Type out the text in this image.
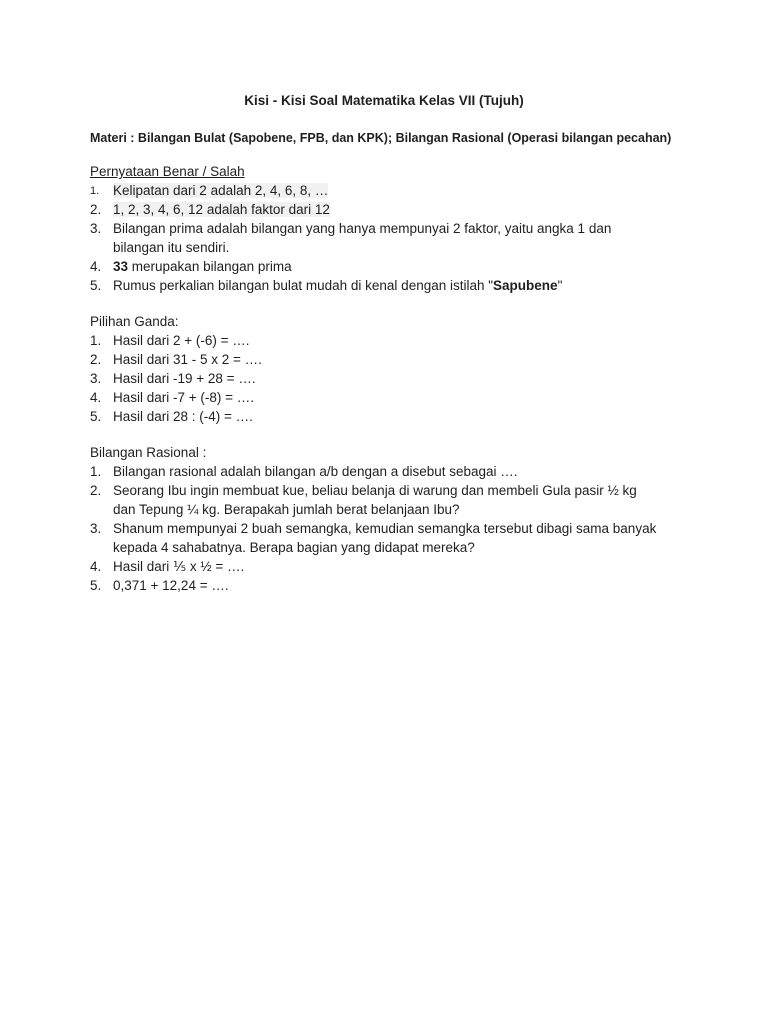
Kisi - Kisi Soal Matematika Kelas VII (Tujuh)
Materi : Bilangan Bulat (Sapobene, FPB, dan KPK); Bilangan Rasional (Operasi bilangan pecahan)
Pernyataan Benar / Salah
1. Kelipatan dari 2 adalah 2, 4, 6, 8, …
2. 1, 2, 3, 4, 6, 12 adalah faktor dari 12
3. Bilangan prima adalah bilangan yang hanya mempunyai 2 faktor, yaitu angka 1 dan
bilangan itu sendiri.
4. 33 merupakan bilangan prima
5. Rumus perkalian bilangan bulat mudah di kenal dengan istilah "Sapubene"
Pilihan Ganda:
1. Hasil dari 2 + (-6) = ….
2. Hasil dari 31 - 5 x 2 = ….
3. Hasil dari -19 + 28 = ….
4. Hasil dari -7 + (-8) = ….
5. Hasil dari 28 : (-4) = ….
Bilangan Rasional :
1. Bilangan rasional adalah bilangan a/b dengan a disebut sebagai ….
2. Seorang Ibu ingin membuat kue, beliau belanja di warung dan membeli Gula pasir ½ kg
dan Tepung ¼ kg. Berapakah jumlah berat belanjaan Ibu?
3. Shanum mempunyai 2 buah semangka, kemudian semangka tersebut dibagi sama banyak
kepada 4 sahabatnya. Berapa bagian yang didapat mereka?
4. Hasil dari ⅕ x ½ = ….
5. 0,371 + 12,24 = ….
